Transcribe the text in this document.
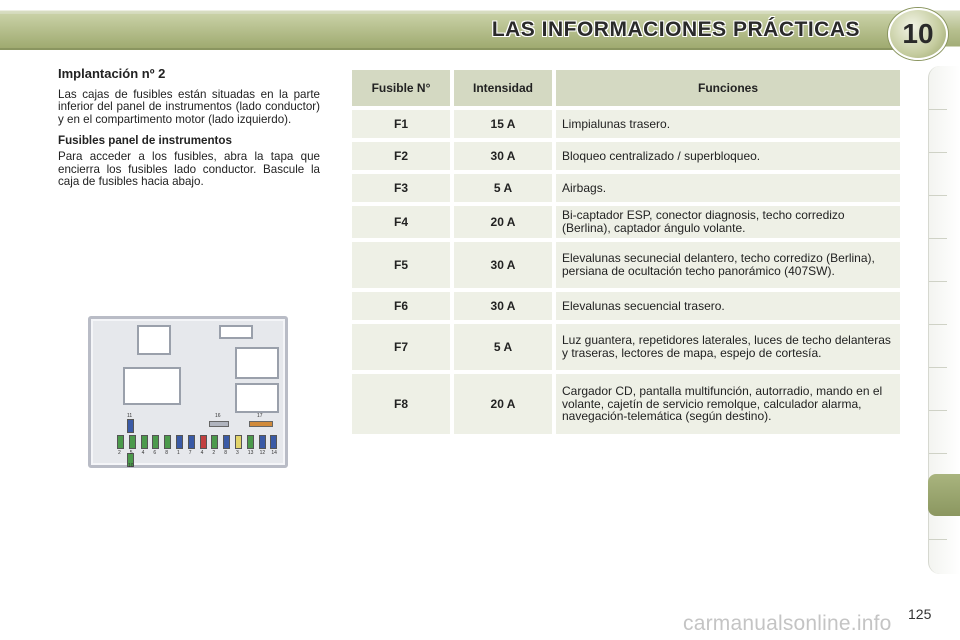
LAS INFORMACIONES PRÁCTICAS	10
Implantación nº 2

Las cajas de fusibles están situadas en la parte inferior del panel de instrumentos (lado conductor) y en el compartimento motor (lado izquierdo).

Fusibles panel de instrumentos

Para acceder a los fusibles, abra la tapa que encierra los fusibles lado conductor. Bascule la caja de fusibles hacia abajo.

11	16	17
10
2 5 4 6 8 1 7 4 2 8 3 13 12 14
Fusible N°	Intensidad	Funciones
F1	15 A	Limpialunas trasero.
F2	30 A	Bloqueo centralizado / superbloqueo.
F3	5 A	Airbags.
F4	20 A	Bi-captador ESP, conector diagnosis, techo corredizo (Berlina), captador ángulo volante.
F5	30 A	Elevalunas secunecial delantero, techo corredizo (Berlina), persiana de ocultación techo panorámico (407SW).
F6	30 A	Elevalunas secuencial trasero.
F7	5 A	Luz guantera, repetidores laterales, luces de techo delanteras y traseras, lectores de mapa, espejo de cortesía.
F8	20 A	Cargador CD, pantalla multifunción, autorradio, mando en el volante, cajetín de servicio remolque, calculador alarma, navegación-telemática (según destino).
125
carmanualsonline.info
